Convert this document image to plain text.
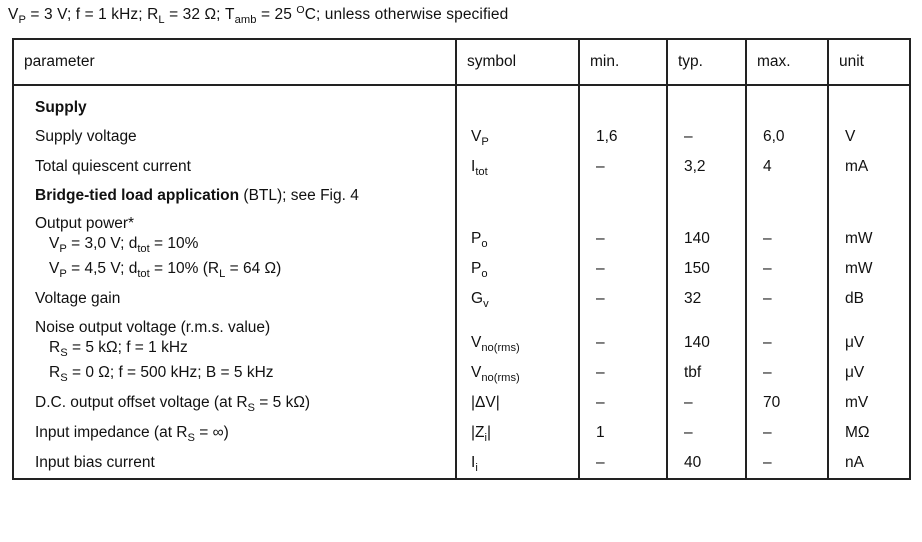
$V_P = 3$ V; f = 1 kHz; $R_L = 32$ Ω; $T_{amb} = 25$ $^O$C; unless otherwise specified
parameter	symbol	min.	typ.	max.	unit
Supply					
Supply voltage	$V_P$	1,6	–	6,0	V
Total quiescent current	$I_{tot}$	–	3,2	4	mA
Bridge-tied load application (BTL); see Fig. 4					

Output power*
$V_P = 3,0$ V; $d_{tot} = 10\%$	$P_o$	–	140	–	mW
$V_P = 4,5$ V; $d_{tot} = 10\%$ ($R_L = 64$ Ω)	$P_o$	–	150	–	mW
Voltage gain	$G_v$	–	32	–	dB

Noise output voltage (r.m.s. value)
$R_S = 5$ kΩ; f = 1 kHz	$V_{no(rms)}$	–	140	–	μV
$R_S = 0$ Ω; f = 500 kHz; B = 5 kHz	$V_{no(rms)}$	–	tbf	–	μV
D.C. output offset voltage (at $R_S = 5$ kΩ)	|ΔV|	–	–	70	mV
Input impedance (at $R_S$ = ∞)	$|Z_i|$	1	–	–	MΩ
Input bias current	$I_i$	–	40	–	nA
